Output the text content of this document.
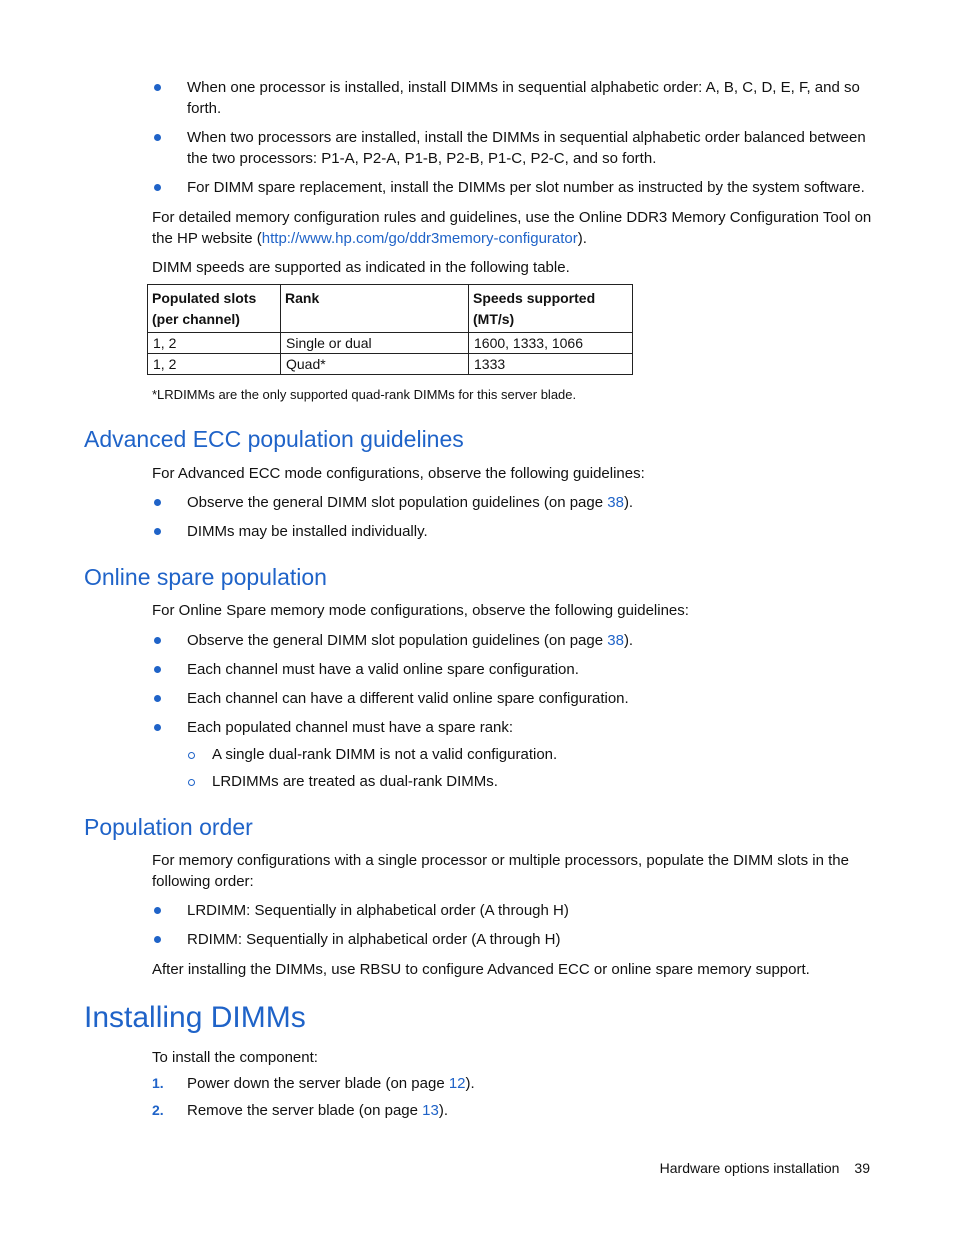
When one processor is installed, install DIMMs in sequential alphabetic order: A, B, C, D, E, F, and so forth.
When two processors are installed, install the DIMMs in sequential alphabetic order balanced between the two processors: P1-A, P2-A, P1-B, P2-B, P1-C, P2-C, and so forth.
For DIMM spare replacement, install the DIMMs per slot number as instructed by the system software.

For detailed memory configuration rules and guidelines, use the Online DDR3 Memory Configuration Tool on the HP website (http://www.hp.com/go/ddr3memory-configurator).

DIMM speeds are supported as indicated in the following table.

Populated slots (per channel)	Rank	Speeds supported (MT/s)
1, 2	Single or dual	1600, 1333, 1066
1, 2	Quad*	1333

*LRDIMMs are the only supported quad-rank DIMMs for this server blade.

Advanced ECC population guidelines

For Advanced ECC mode configurations, observe the following guidelines:

Observe the general DIMM slot population guidelines (on page 38).
DIMMs may be installed individually.
Online spare population

For Online Spare memory mode configurations, observe the following guidelines:

Observe the general DIMM slot population guidelines (on page 38).
Each channel must have a valid online spare configuration.
Each channel can have a different valid online spare configuration.
Each populated channel must have a spare rank:
A single dual-rank DIMM is not a valid configuration.
LRDIMMs are treated as dual-rank DIMMs.
Population order

For memory configurations with a single processor or multiple processors, populate the DIMM slots in the following order:

LRDIMM: Sequentially in alphabetical order (A through H)
RDIMM: Sequentially in alphabetical order (A through H)

After installing the DIMMs, use RBSU to configure Advanced ECC or online spare memory support.

Installing DIMMs

To install the component:

1. Power down the server blade (on page 12).
2. Remove the server blade (on page 13).

Hardware options installation 39
